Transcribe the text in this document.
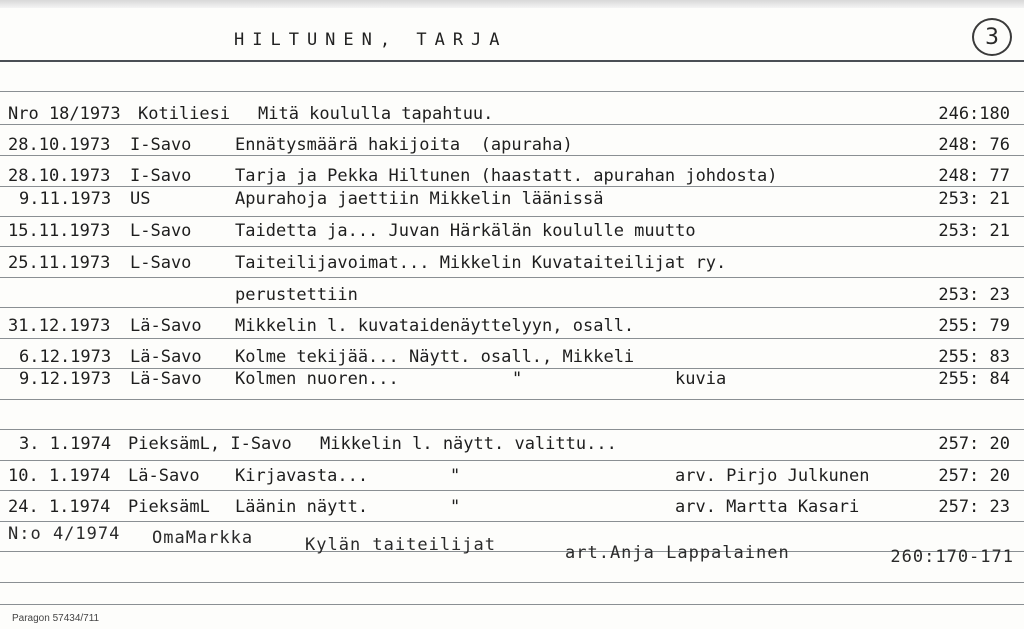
HILTUNEN, TARJA	3
Nro 18/1973 Kotiliesi Mitä koululla tapahtuu.	246:180
28.10.1973 I-Savo	Ennätysmäärä hakijoita  (apuraha)	248: 76
28.10.1973 I-Savo	Tarja ja Pekka Hiltunen (haastatt. apurahan johdosta)	248: 77
9.11.1973 US	Apurahoja jaettiin Mikkelin läänissä	253: 21
15.11.1973 L-Savo	Taidetta ja... Juvan Härkälän koululle muutto	253: 21
25.11.1973 L-Savo	Taiteilijavoimat... Mikkelin Kuvataiteilijat ry.
perustettiin	253: 23
31.12.1973 Lä-Savo Mikkelin l. kuvataidenäyttelyyn, osall.	255: 79
6.12.1973 Lä-Savo Kolme tekijää... Näytt. osall., Mikkeli	255: 83
9.12.1973 Lä-Savo Kolmen nuoren...	"	kuvia	255: 84
3. 1.1974 PieksämL, I-Savo Mikkelin l. näytt. valittu...	257: 20
10. 1.1974 Lä-Savo Kirjavasta...	"	arv. Pirjo Julkunen	257: 20
24. 1.1974 PieksämL Läänin näytt.	"	arv. Martta Kasari	257: 23
N:o 4/1974 OmaMarkka	Kylän taiteilijat	art.Anja Lappalainen	260:170-171
Paragon 57434/711
